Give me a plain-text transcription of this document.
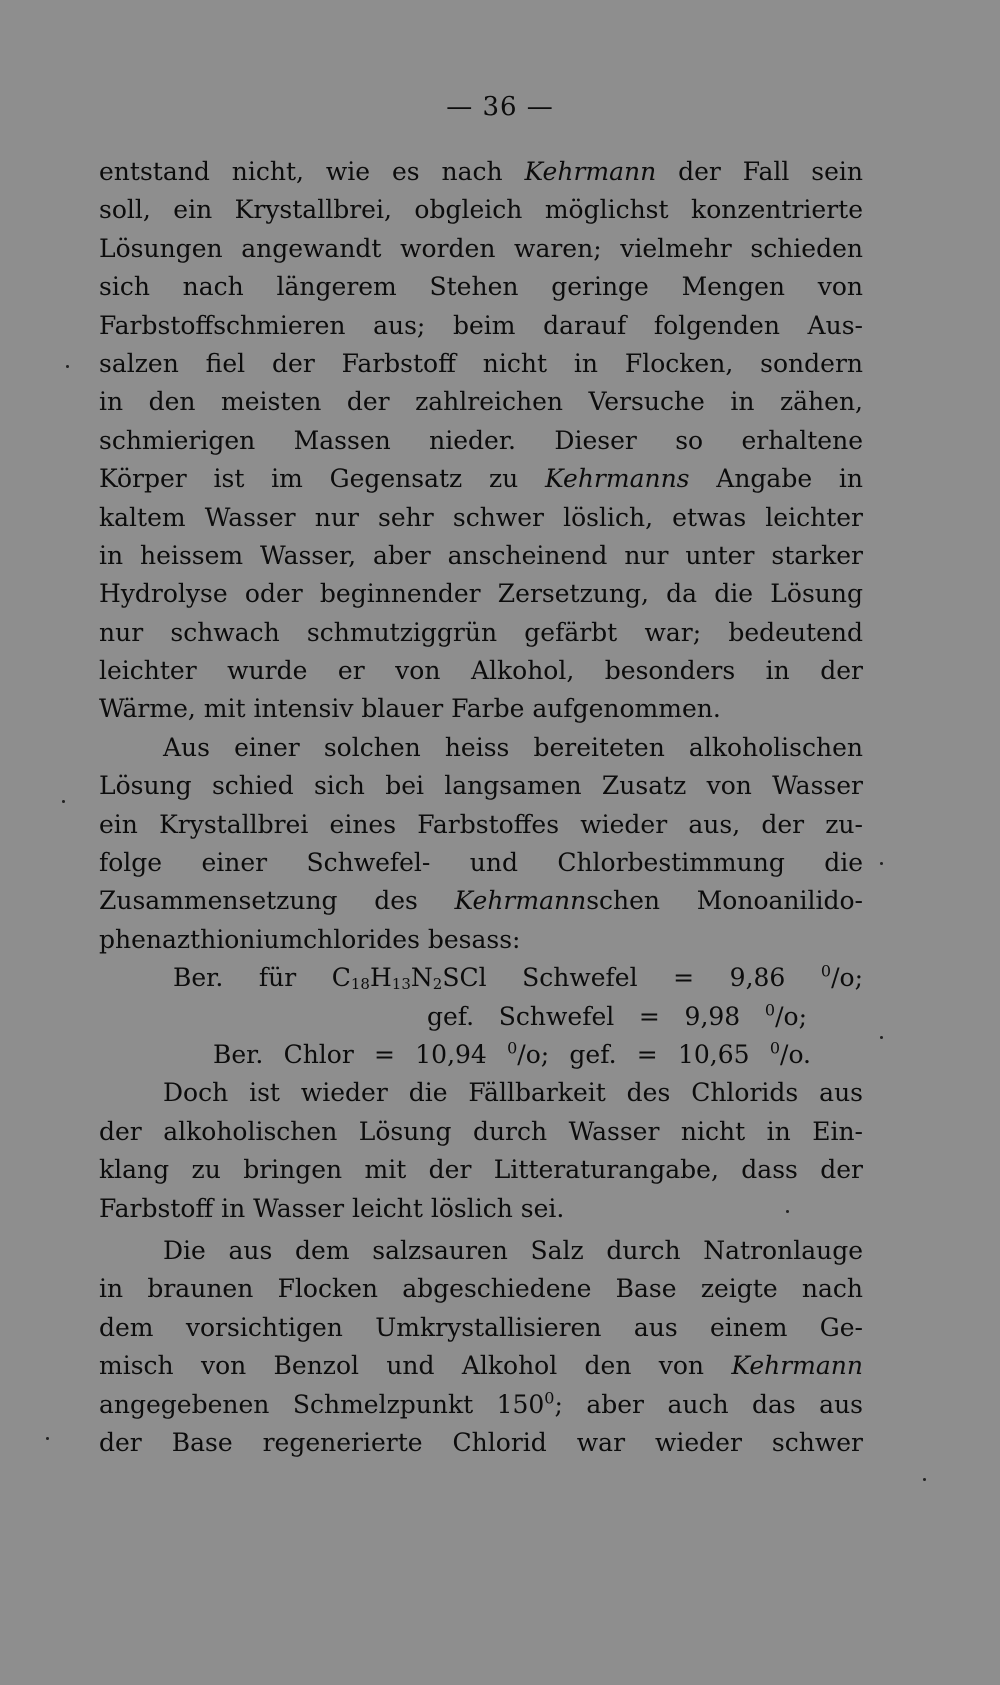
— 36 —
entstand nicht, wie es nach Kehrmann der Fall sein
soll, ein Krystallbrei, obgleich möglichst konzentrierte
Lösungen angewandt worden waren; vielmehr schieden
sich nach längerem Stehen geringe Mengen von
Farbstoffschmieren aus; beim darauf folgenden Aus-
salzen fiel der Farbstoff nicht in Flocken, sondern
in den meisten der zahlreichen Versuche in zähen,
schmierigen Massen nieder. Dieser so erhaltene
Körper ist im Gegensatz zu Kehrmanns Angabe in
kaltem Wasser nur sehr schwer löslich, etwas leichter
in heissem Wasser, aber anscheinend nur unter starker
Hydrolyse oder beginnender Zersetzung, da die Lösung
nur schwach schmutziggrün gefärbt war; bedeutend
leichter wurde er von Alkohol, besonders in der
Wärme, mit intensiv blauer Farbe aufgenommen.
Aus einer solchen heiss bereiteten alkoholischen
Lösung schied sich bei langsamen Zusatz von Wasser
ein Krystallbrei eines Farbstoffes wieder aus, der zu-
folge einer Schwefel- und Chlorbestimmung die
Zusammensetzung des Kehrmannschen Monoanilido-
phenazthioniumchlorides besass:
Ber. für $C_{18}H_{13}N_2SCl$ Schwefel = 9,86 $^0$/o;
gef. Schwefel = 9,98 $^0$/o;
Ber. Chlor = 10,94 $^0$/o; gef. = 10,65 $^0$/o.
Doch ist wieder die Fällbarkeit des Chlorids aus
der alkoholischen Lösung durch Wasser nicht in Ein-
klang zu bringen mit der Litteraturangabe, dass der
Farbstoff in Wasser leicht löslich sei.
Die aus dem salzsauren Salz durch Natronlauge
in braunen Flocken abgeschiedene Base zeigte nach
dem vorsichtigen Umkrystallisieren aus einem Ge-
misch von Benzol und Alkohol den von Kehrmann
angegebenen Schmelzpunkt $150^0$; aber auch das aus
der Base regenerierte Chlorid war wieder schwer
